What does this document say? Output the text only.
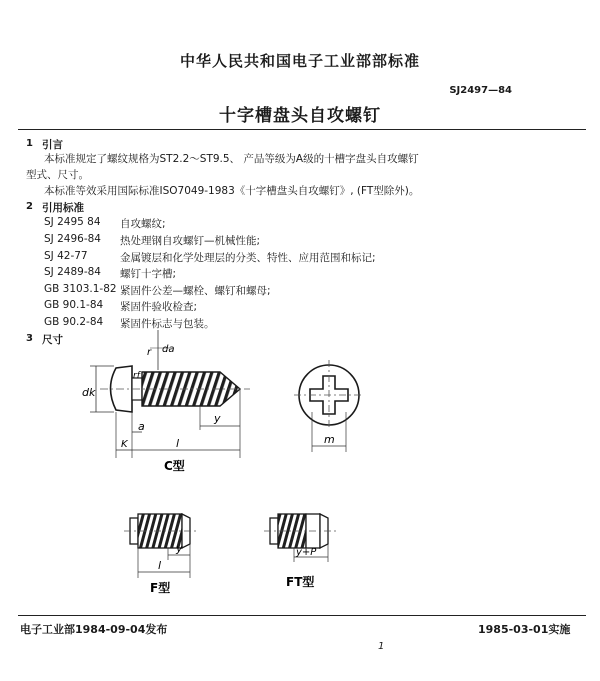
中华人民共和国电子工业部部标准
SJ2497—84
十字槽盘头自攻螺钉
1 引言
本标准规定了螺纹规格为ST2.2～ST9.5、 产品等级为A级的十槽字盘头自攻螺钉
型式、尺寸。
本标准等效采用国际标准ISO7049-1983《十字槽盘头自攻螺钉》, (FT型除外)。
2 引用标准
SJ 2495 84 自攻螺纹;
SJ 2496-84 热处理钢自攻螺钉—机械性能;
SJ 42-77	金属镀层和化学处理层的分类、特性、应用范围和标记;
SJ 2489-84 螺钉十字槽;
GB 3103.1-82 紧固件公差—螺栓、螺钉和螺母;
GB 90.1-84 紧固件验收检查;
GB 90.2-84 紧固件标志与包装。
3 尺寸
dk
r
rf
da
a
y
K	l
C型
m
y
l
F型
y+P
FT型
电子工业部1984-09-04发布	1985-03-01实施
1
